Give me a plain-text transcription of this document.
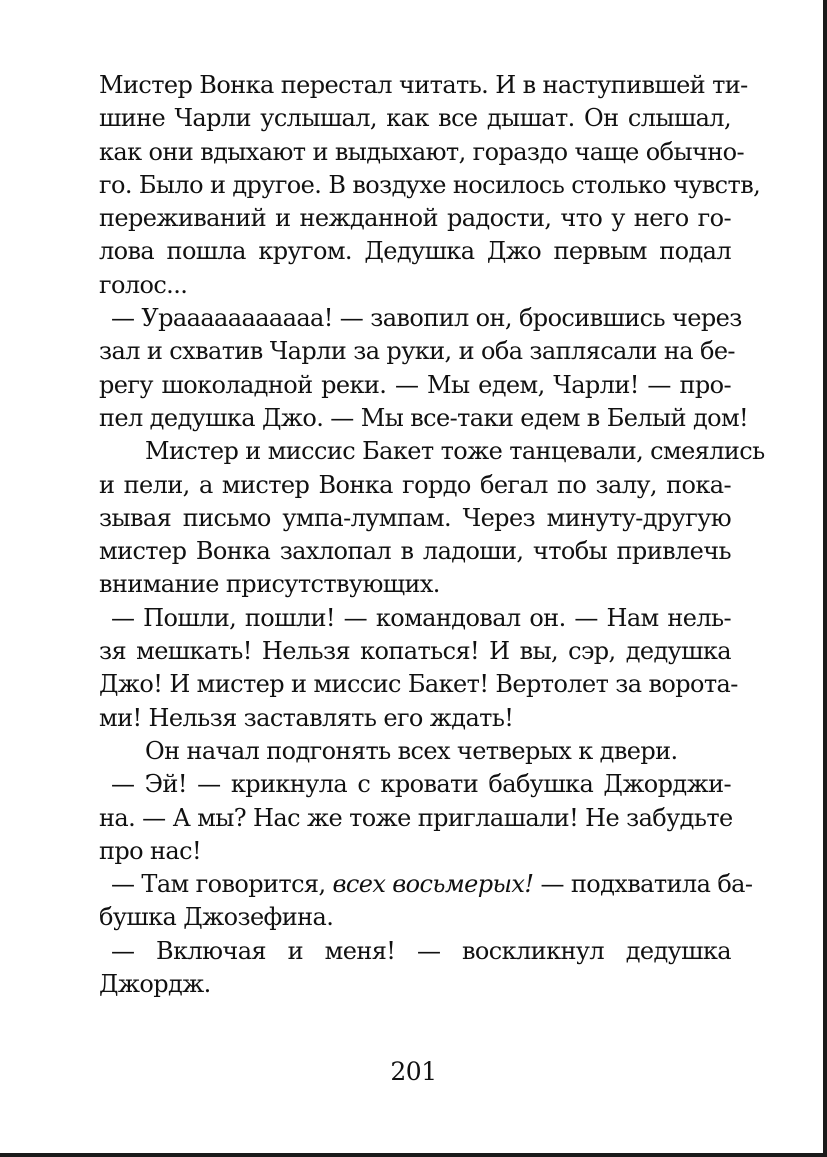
Мистер Вонка перестал читать. И в наступившей ти-
шине Чарли услышал, как все дышат. Он слышал,
как они вдыхают и выдыхают, гораздо чаще обычно-
го. Было и другое. В воздухе носилось столько чувств,
переживаний и нежданной радости, что у него го-
лова пошла кругом. Дедушка Джо первым подал
голос...
— Урааааааааааа! — завопил он, бросившись через
зал и схватив Чарли за руки, и оба заплясали на бе-
регу шоколадной реки. — Мы едем, Чарли! — про-
пел дедушка Джо. — Мы все-таки едем в Белый дом!
Мистер и миссис Бакет тоже танцевали, смеялись
и пели, а мистер Вонка гордо бегал по залу, пока-
зывая письмо умпа-лумпам. Через минуту-другую
мистер Вонка захлопал в ладоши, чтобы привлечь
внимание присутствующих.
— Пошли, пошли! — командовал он. — Нам нель-
зя мешкать! Нельзя копаться! И вы, сэр, дедушка
Джо! И мистер и миссис Бакет! Вертолет за ворота-
ми! Нельзя заставлять его ждать!
Он начал подгонять всех четверых к двери.
— Эй! — крикнула с кровати бабушка Джорджи-
на. — А мы? Нас же тоже приглашали! Не забудьте
про нас!
— Там говорится, всех восьмерых! — подхватила ба-
бушка Джозефина.
— Включая и меня! — воскликнул дедушка
Джордж.
201
